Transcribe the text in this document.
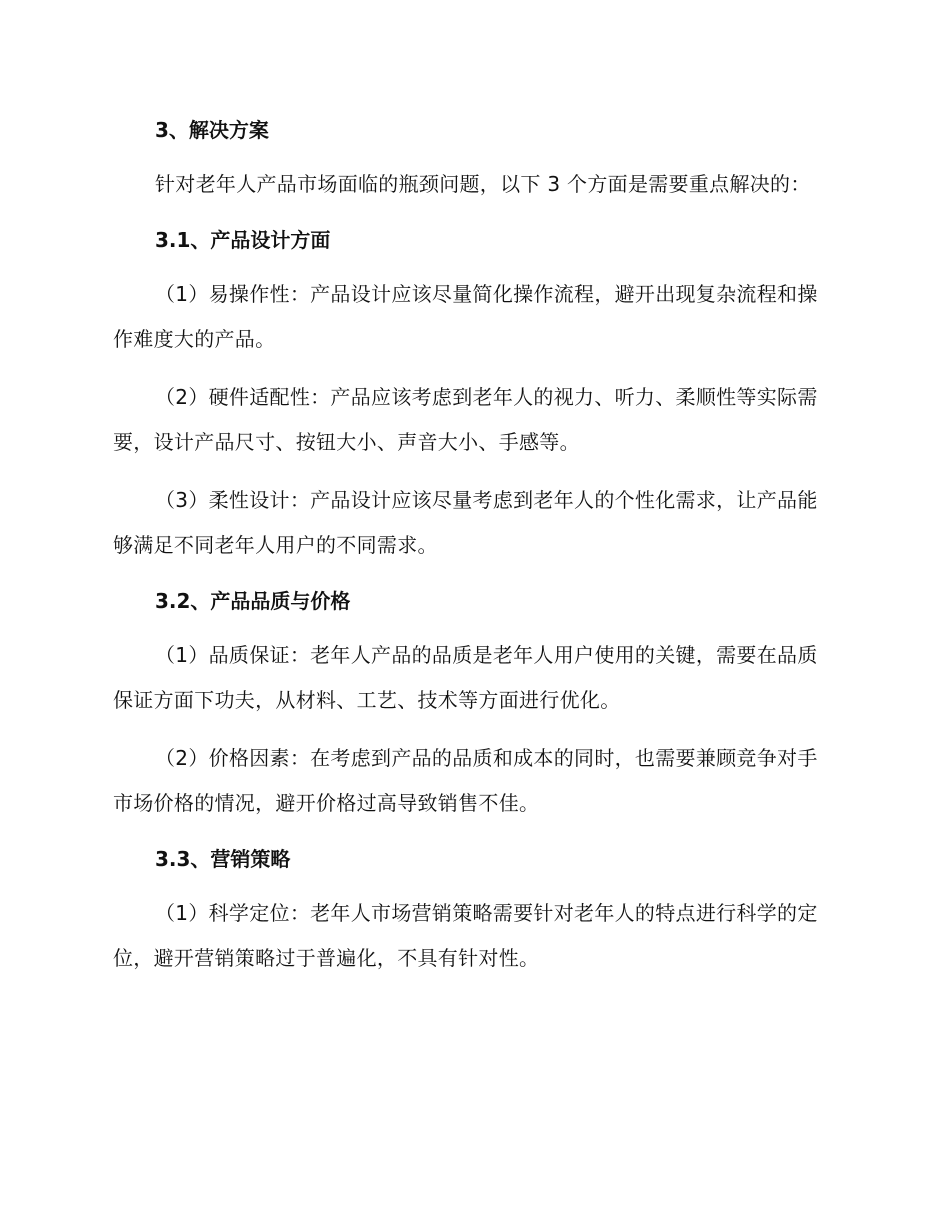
3、解决方案

针对老年人产品市场面临的瓶颈问题，以下 3 个方面是需要重点解决的：

3.1、产品设计方面

（1）易操作性：产品设计应该尽量简化操作流程，避开出现复杂流程和操作难度大的产品。

（2）硬件适配性：产品应该考虑到老年人的视力、听力、柔顺性等实际需要，设计产品尺寸、按钮大小、声音大小、手感等。

（3）柔性设计：产品设计应该尽量考虑到老年人的个性化需求，让产品能够满足不同老年人用户的不同需求。

3.2、产品品质与价格

（1）品质保证：老年人产品的品质是老年人用户使用的关键，需要在品质保证方面下功夫，从材料、工艺、技术等方面进行优化。

（2）价格因素：在考虑到产品的品质和成本的同时，也需要兼顾竞争对手市场价格的情况，避开价格过高导致销售不佳。

3.3、营销策略

（1）科学定位：老年人市场营销策略需要针对老年人的特点进行科学的定位，避开营销策略过于普遍化，不具有针对性。
